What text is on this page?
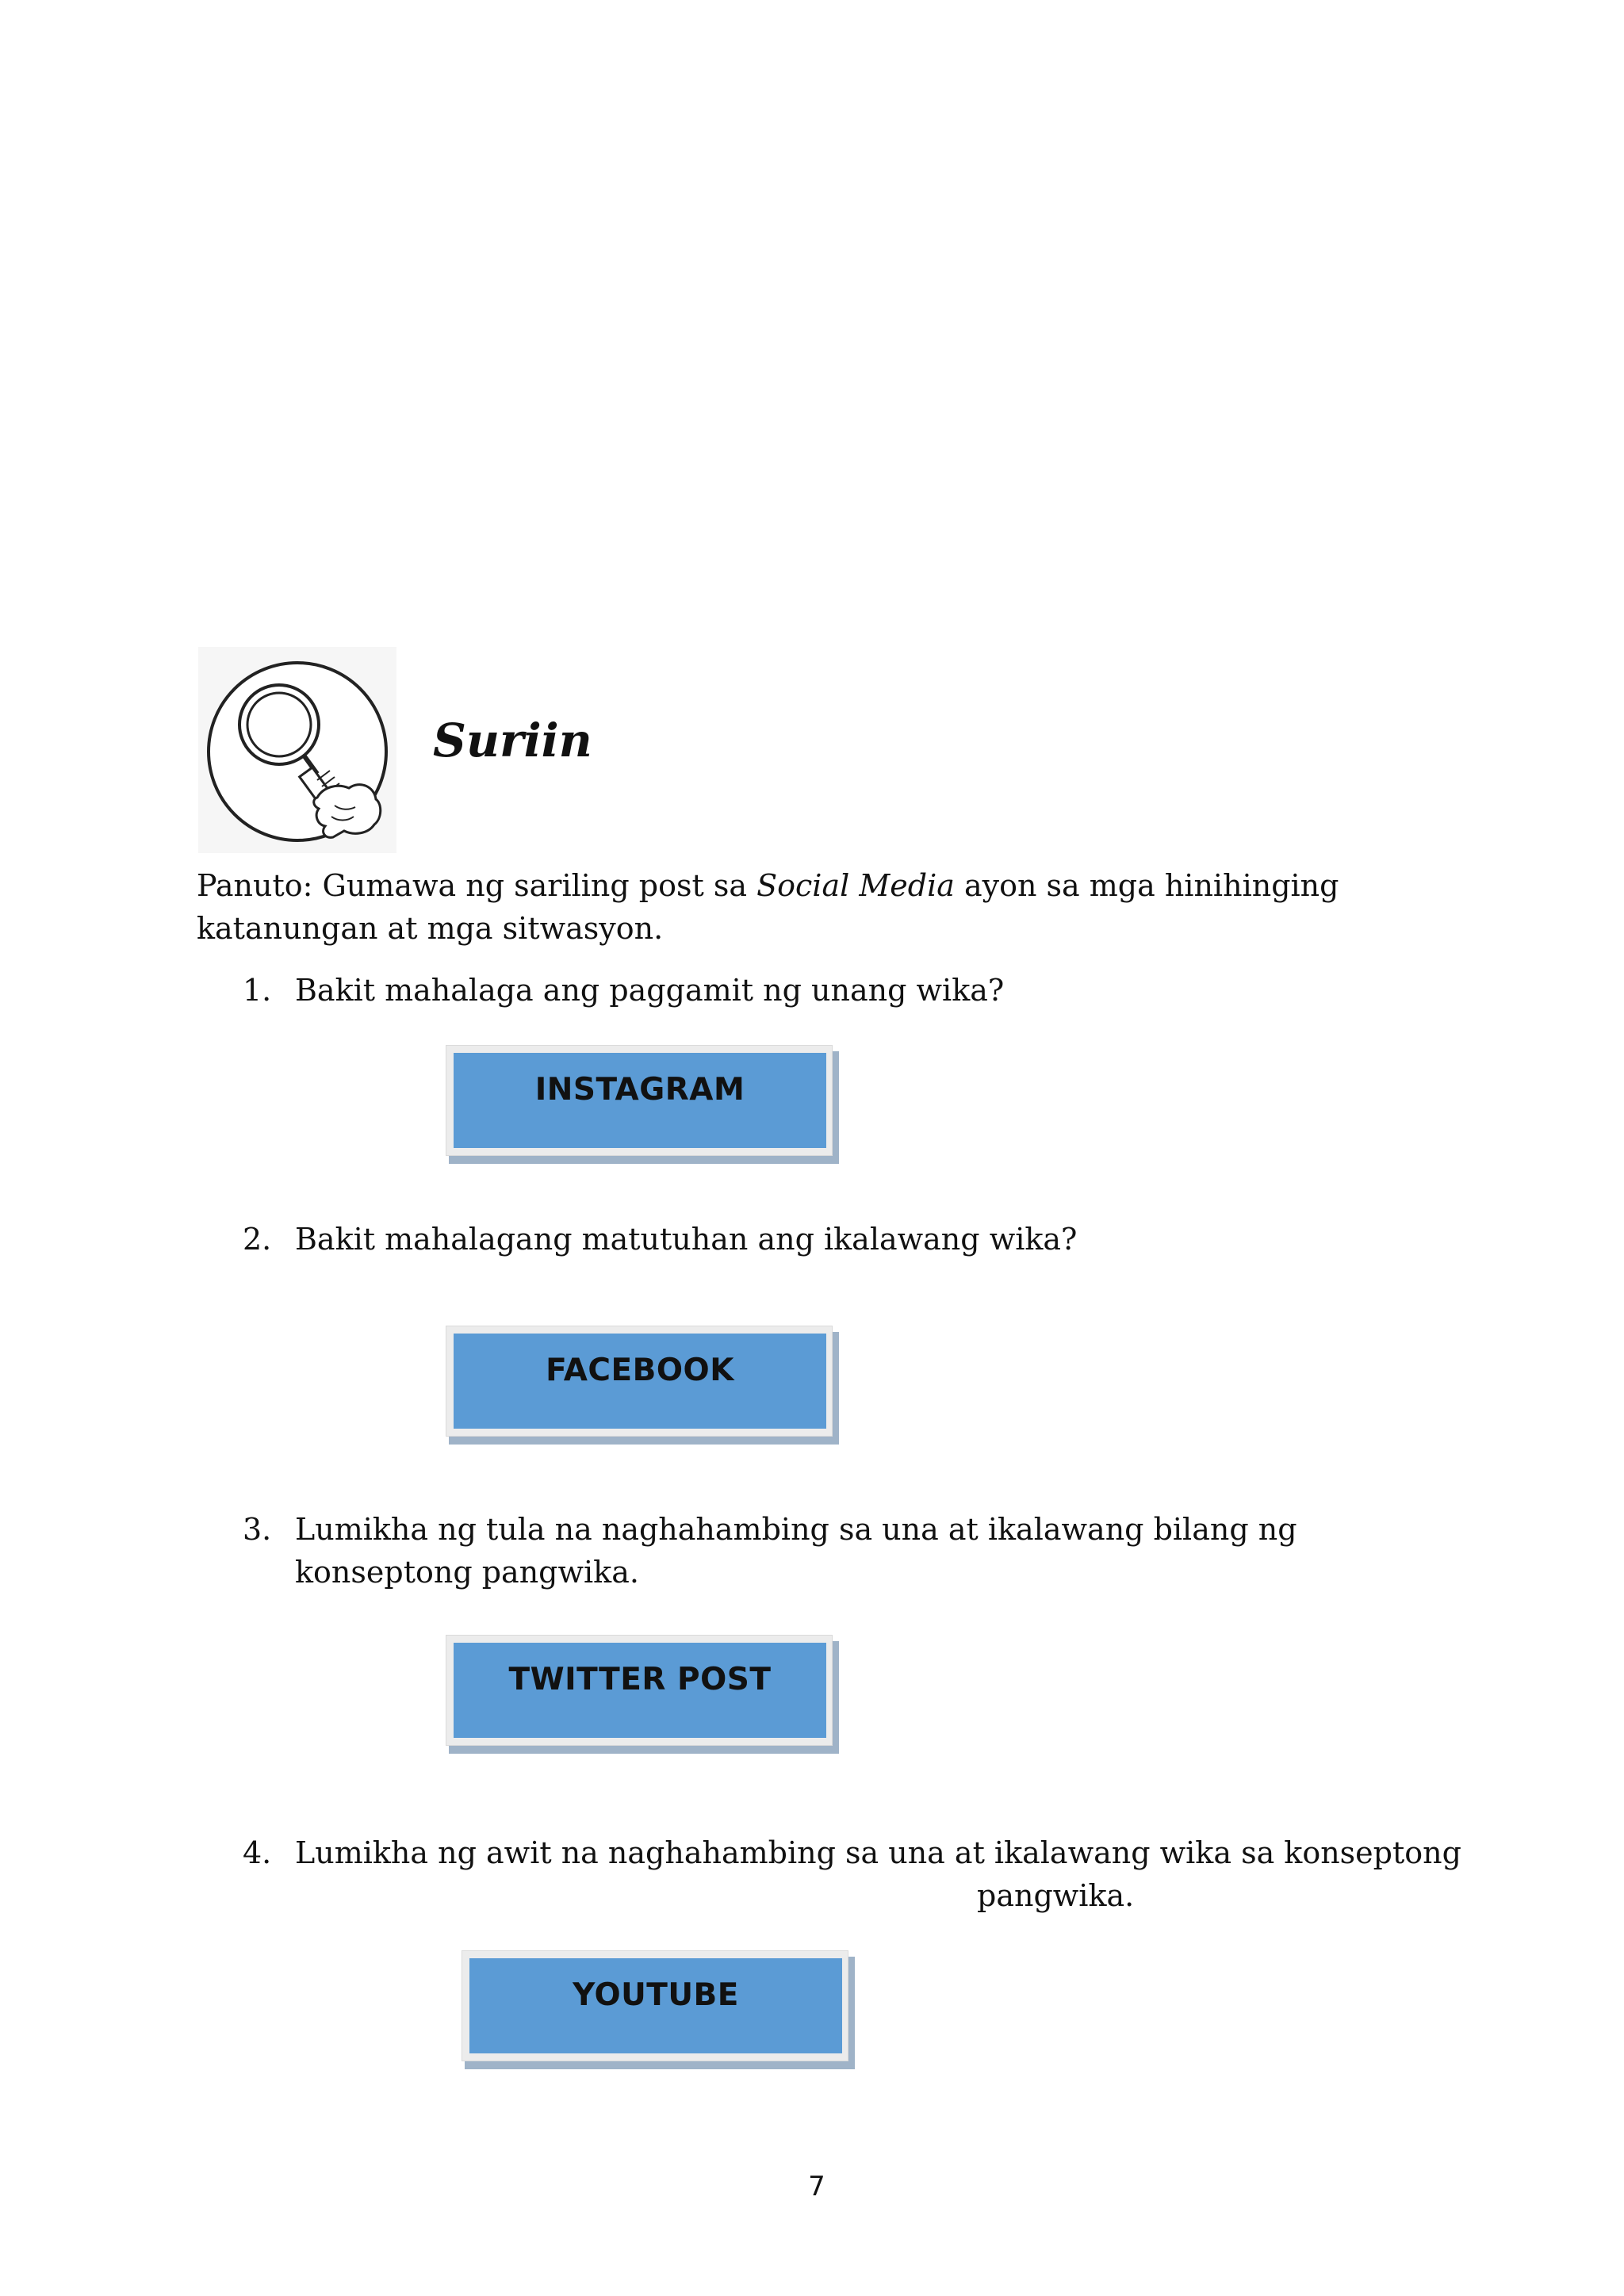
Suriin
Panuto: Gumawa ng sariling post sa Social Media ayon sa mga hinihinging
katanungan at mga sitwasyon.
1. Bakit mahalaga ang paggamit ng unang wika?
INSTAGRAM
2. Bakit mahalagang matutuhan ang ikalawang wika?
FACEBOOK
3. Lumikha ng tula na naghahambing sa una at ikalawang bilang ng
konseptong pangwika.
TWITTER POST
4. Lumikha ng awit na naghahambing sa una at ikalawang wika sa konseptong
pangwika.
YOUTUBE
7
